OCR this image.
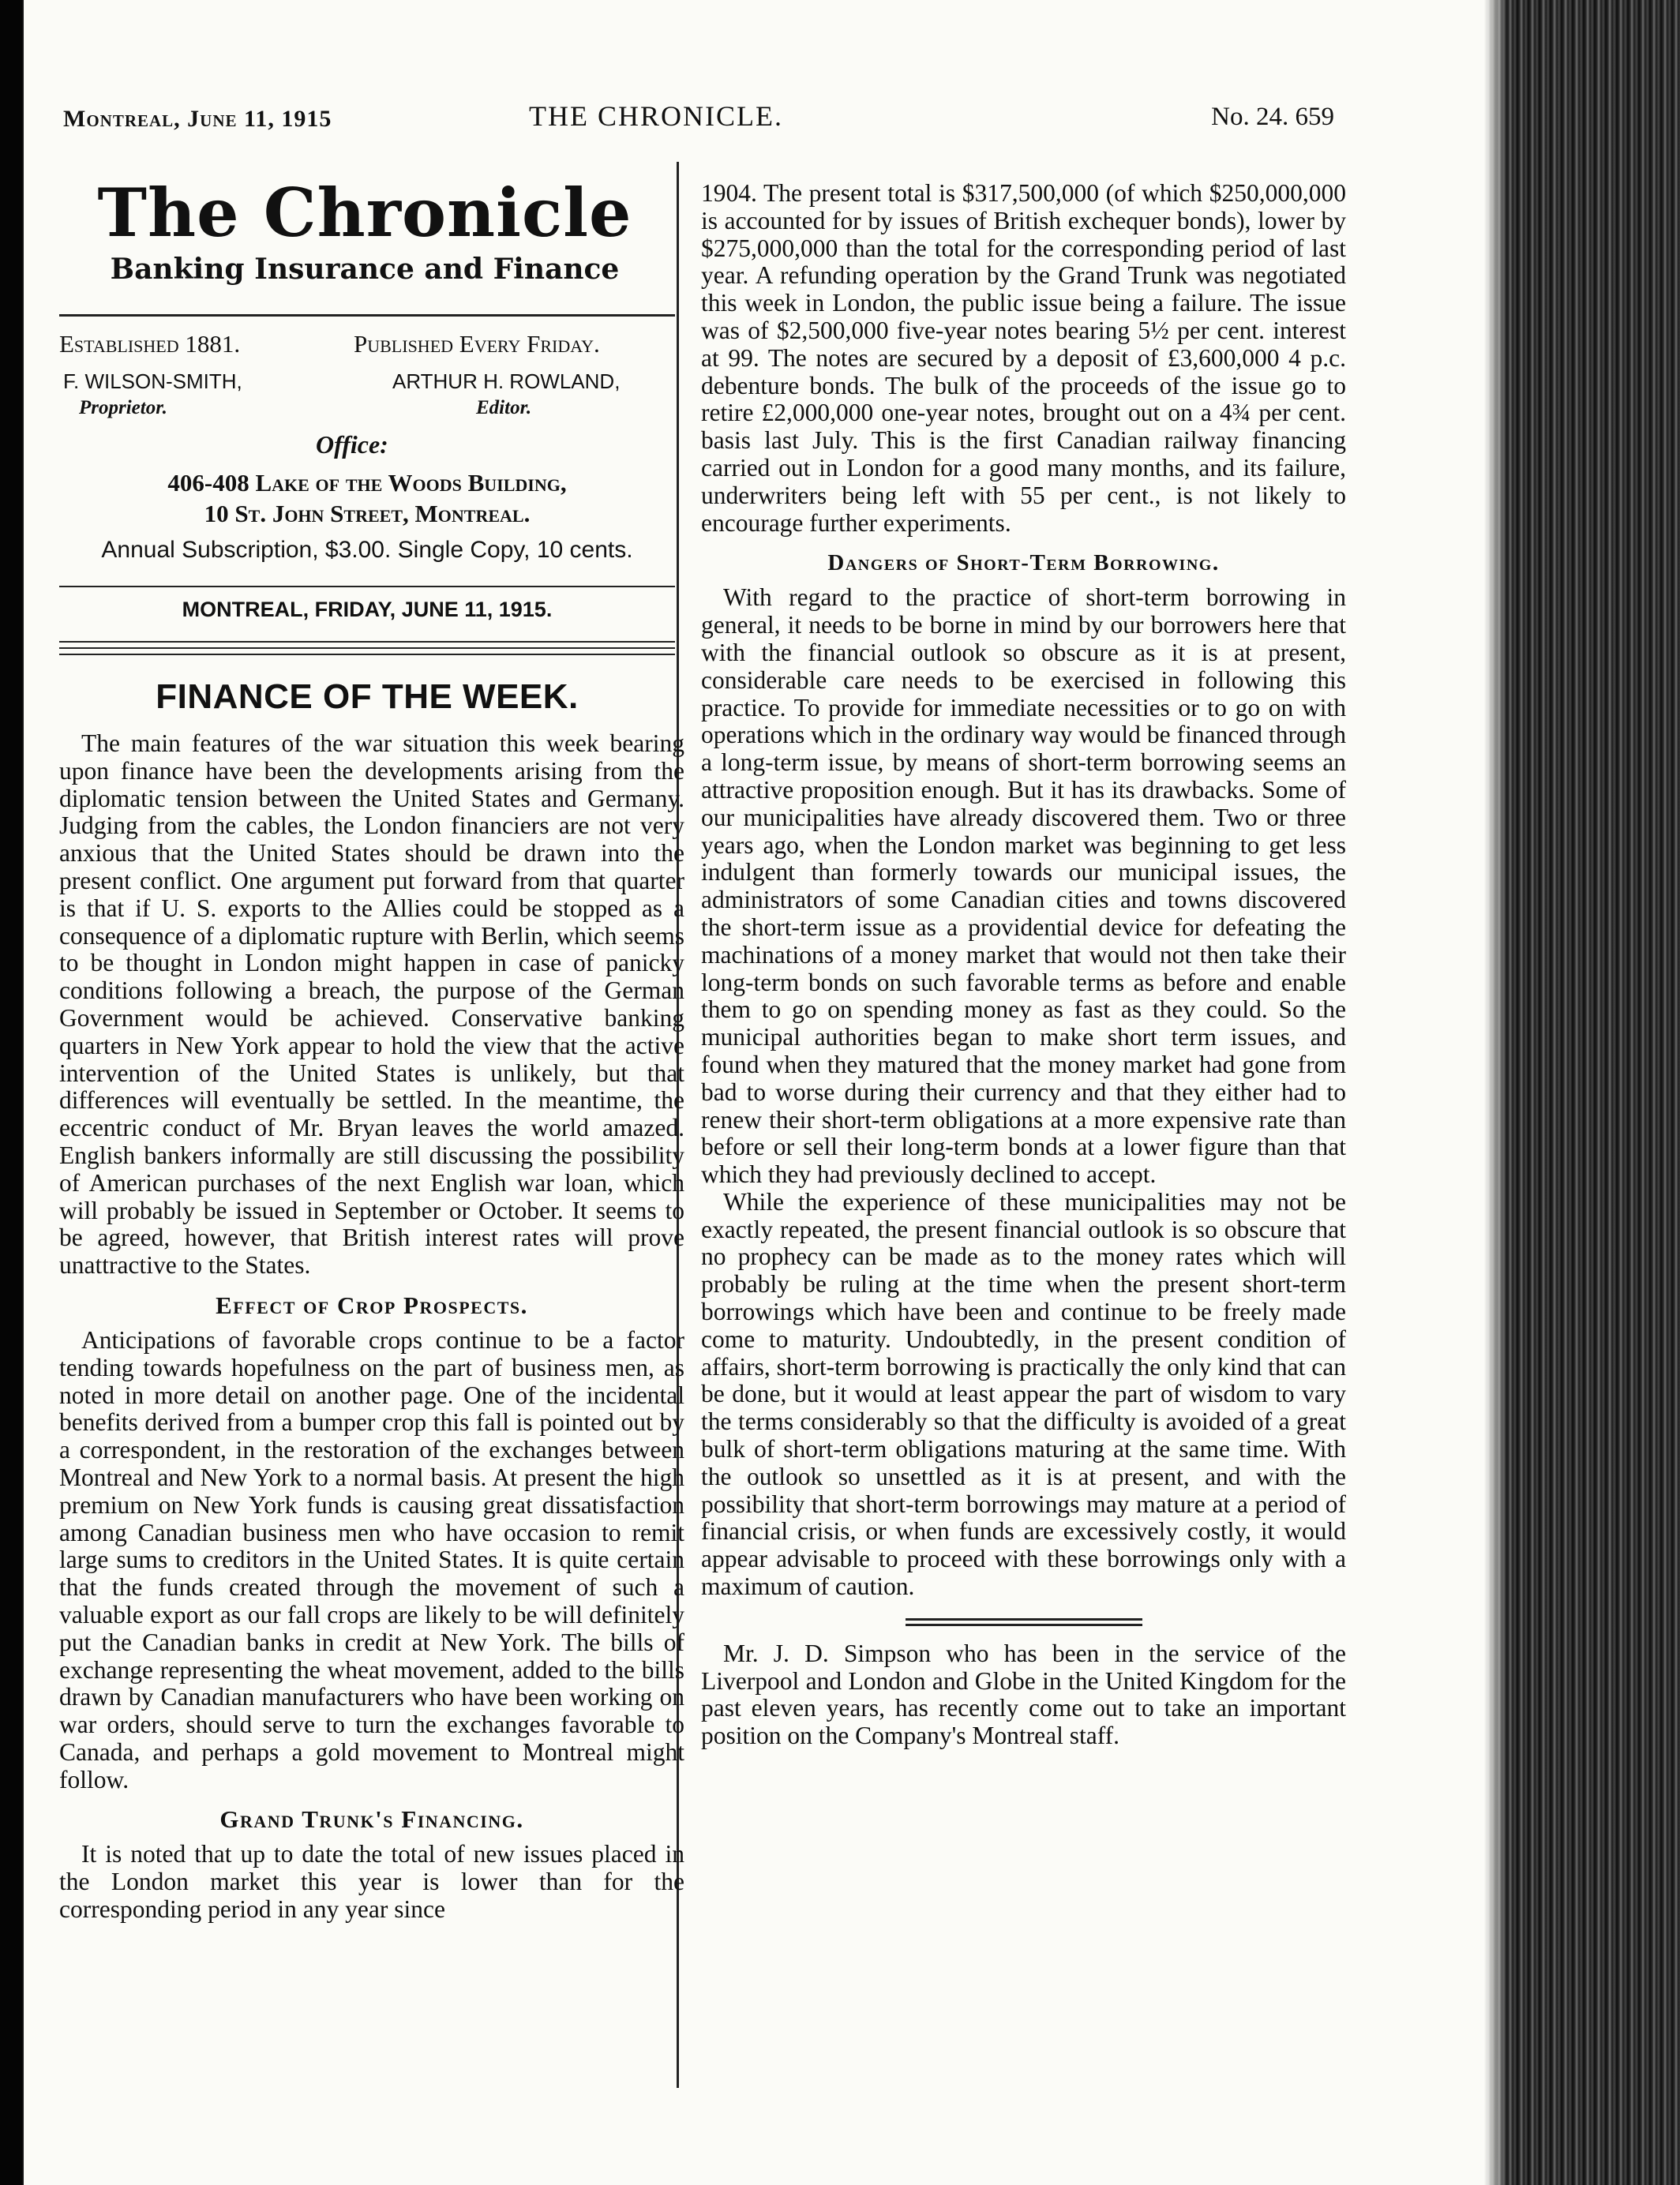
Montreal, June 11, 1915	THE CHRONICLE.	No. 24. 659
The Chronicle
Banking Insurance and Finance
Established 1881.	Published Every Friday.
F. WILSON-SMITH,
Proprietor.
ARTHUR H. ROWLAND,
Editor.
Office:
406-408 Lake of the Woods Building,
10 St. John Street, Montreal.
Annual Subscription, $3.00. Single Copy, 10 cents.
MONTREAL, FRIDAY, JUNE 11, 1915.
FINANCE OF THE WEEK.

The main features of the war situation this week bearing upon finance have been the developments arising from the diplomatic tension between the United States and Germany. Judging from the cables, the London financiers are not very anxious that the United States should be drawn into the present conflict. One argument put forward from that quarter is that if U. S. exports to the Allies could be stopped as a consequence of a diplomatic rupture with Berlin, which seems to be thought in London might happen in case of panicky conditions following a breach, the purpose of the German Government would be achieved. Conservative banking quarters in New York appear to hold the view that the active intervention of the United States is unlikely, but that differences will eventually be settled. In the meantime, the eccentric conduct of Mr. Bryan leaves the world amazed. English bankers informally are still discussing the possibility of American purchases of the next English war loan, which will probably be issued in September or October. It seems to be agreed, however, that British interest rates will prove unattractive to the States.

Effect of Crop Prospects.

Anticipations of favorable crops continue to be a factor tending towards hopefulness on the part of business men, as noted in more detail on another page. One of the incidental benefits derived from a bumper crop this fall is pointed out by a correspondent, in the restoration of the exchanges between Montreal and New York to a normal basis. At present the high premium on New York funds is causing great dissatisfaction among Canadian business men who have occasion to remit large sums to creditors in the United States. It is quite certain that the funds created through the movement of such a valuable export as our fall crops are likely to be will definitely put the Canadian banks in credit at New York. The bills of exchange representing the wheat movement, added to the bills drawn by Canadian manufacturers who have been working on war orders, should serve to turn the exchanges favorable to Canada, and perhaps a gold movement to Montreal might follow.

Grand Trunk's Financing.

It is noted that up to date the total of new issues placed in the London market this year is lower than for the corresponding period in any year since

1904. The present total is $317,500,000 (of which $250,000,000 is accounted for by issues of British exchequer bonds), lower by $275,000,000 than the total for the corresponding period of last year. A refunding operation by the Grand Trunk was negotiated this week in London, the public issue being a failure. The issue was of $2,500,000 five-year notes bearing 5½ per cent. interest at 99. The notes are secured by a deposit of £3,600,000 4 p.c. debenture bonds. The bulk of the proceeds of the issue go to retire £2,000,000 one-year notes, brought out on a 4¾ per cent. basis last July. This is the first Canadian railway financing carried out in London for a good many months, and its failure, underwriters being left with 55 per cent., is not likely to encourage further experiments.

Dangers of Short-Term Borrowing.

With regard to the practice of short-term borrowing in general, it needs to be borne in mind by our borrowers here that with the financial outlook so obscure as it is at present, considerable care needs to be exercised in following this practice. To provide for immediate necessities or to go on with operations which in the ordinary way would be financed through a long-term issue, by means of short-term borrowing seems an attractive proposition enough. But it has its drawbacks. Some of our municipalities have already discovered them. Two or three years ago, when the London market was beginning to get less indulgent than formerly towards our municipal issues, the administrators of some Canadian cities and towns discovered the short-term issue as a providential device for defeating the machinations of a money market that would not then take their long-term bonds on such favorable terms as before and enable them to go on spending money as fast as they could. So the municipal authorities began to make short term issues, and found when they matured that the money market had gone from bad to worse during their currency and that they either had to renew their short-term obligations at a more expensive rate than before or sell their long-term bonds at a lower figure than that which they had previously declined to accept.

While the experience of these municipalities may not be exactly repeated, the present financial outlook is so obscure that no prophecy can be made as to the money rates which will probably be ruling at the time when the present short-term borrowings which have been and continue to be freely made come to maturity. Undoubtedly, in the present condition of affairs, short-term borrowing is practically the only kind that can be done, but it would at least appear the part of wisdom to vary the terms considerably so that the difficulty is avoided of a great bulk of short-term obligations maturing at the same time. With the outlook so unsettled as it is at present, and with the possibility that short-term borrowings may mature at a period of financial crisis, or when funds are excessively costly, it would appear advisable to proceed with these borrowings only with a maximum of caution.

Mr. J. D. Simpson who has been in the service of the Liverpool and London and Globe in the United Kingdom for the past eleven years, has recently come out to take an important position on the Company's Montreal staff.
